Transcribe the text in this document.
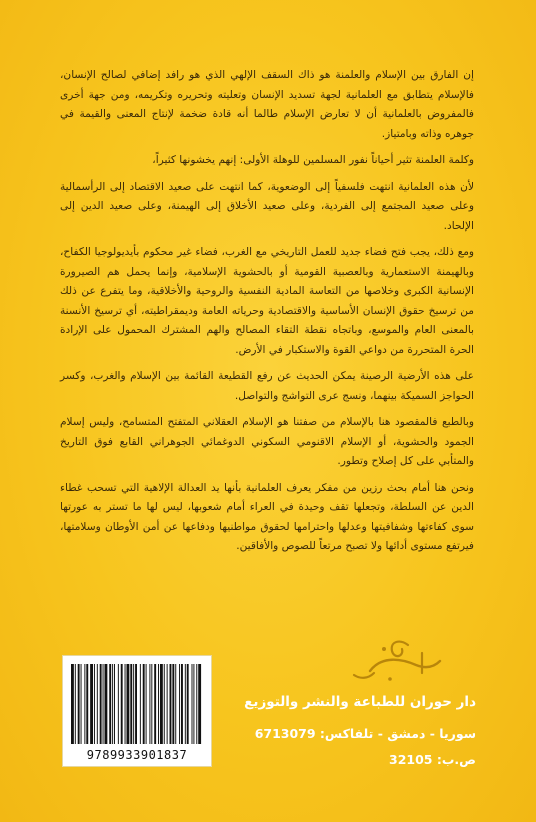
إن الفارق بين الإسلام والعلمنة هو ذاك السقف الإلهي الذي هو رافد إضافي لصالح الإنسان، فالإسلام يتطابق مع العلمانية لجهة تسديد الإنسان وتعليته وتحريره وتكريمه، ومن جهة أخرى فالمفروض بالعلمانية أن لا تعارض الإسلام طالما أنه قادة ضخمة لإنتاج المعنى والقيمة في جوهره وذاته وبامتياز.

وكلمة العلمنة تثير أحياناً نفور المسلمين للوهلة الأولى: إنهم يخشونها كثيراً،

لأن هذه العلمانية انتهت فلسفياً إلى الوضعوية، كما انتهت على صعيد الاقتصاد إلى الرأسمالية وعلى صعيد المجتمع إلى الفردية، وعلى صعيد الأخلاق إلى الهيمنة، وعلى صعيد الدين إلى الإلحاد.

ومع ذلك، يجب فتح فضاء جديد للعمل التاريخي مع الغرب، فضاء غير محكوم بأيديولوجيا الكفاح، وبالهيمنة الاستعمارية وبالعصبية القومية أو بالحشوية الإسلامية، وإنما يحمل هم الصيرورة الإنسانية الكبرى وخلاصها من التعاسة المادية النفسية والروحية والأخلاقية، وما يتفرع عن ذلك من ترسيخ حقوق الإنسان الأساسية والاقتصادية وحرياته العامة وديمقراطيته، أي ترسيخ الأنسنة بالمعنى العام والموسع، وباتجاه نقطة التقاء المصالح والهم المشترك المحمول على الإرادة الحرة المتحررة من دواعي القوة والاستكبار في الأرض.

على هذه الأرضية الرصينة يمكن الحديث عن رفع القطيعة القائمة بين الإسلام والغرب، وكسر الحواجز السميكة بينهما، ونسج عرى التواشج والتواصل.

وبالطبع فالمقصود هنا بالإسلام من صفتنا هو الإسلام العقلاني المتفتح المتسامح، وليس إسلام الجمود والحشوية، أو الإسلام الاقنومي السكوني الدوغمائي الجوهراني القابع فوق التاريخ والمتأبي على كل إصلاح وتطور.

ونحن هنا أمام بحث رزين من مفكر يعرف العلمانية بأنها يد العدالة الإلاهية التي تسحب غطاء الدين عن السلطة، وتجعلها تقف وحيدة في العراء أمام شعوبها، ليس لها ما تستر به عورتها سوى كفاءتها وشفافيتها وعدلها واحترامها لحقوق مواطنيها ودفاعها عن أمن الأوطان وسلامتها، فيرتفع مستوى أدائها ولا تصبح مرتعاً للصوص والأفاقين.

9789933901837
دار حوران للطباعة والنشر والتوزيع
سوريا - دمشق - تلفاكس: 6713079
ص.ب: 32105
